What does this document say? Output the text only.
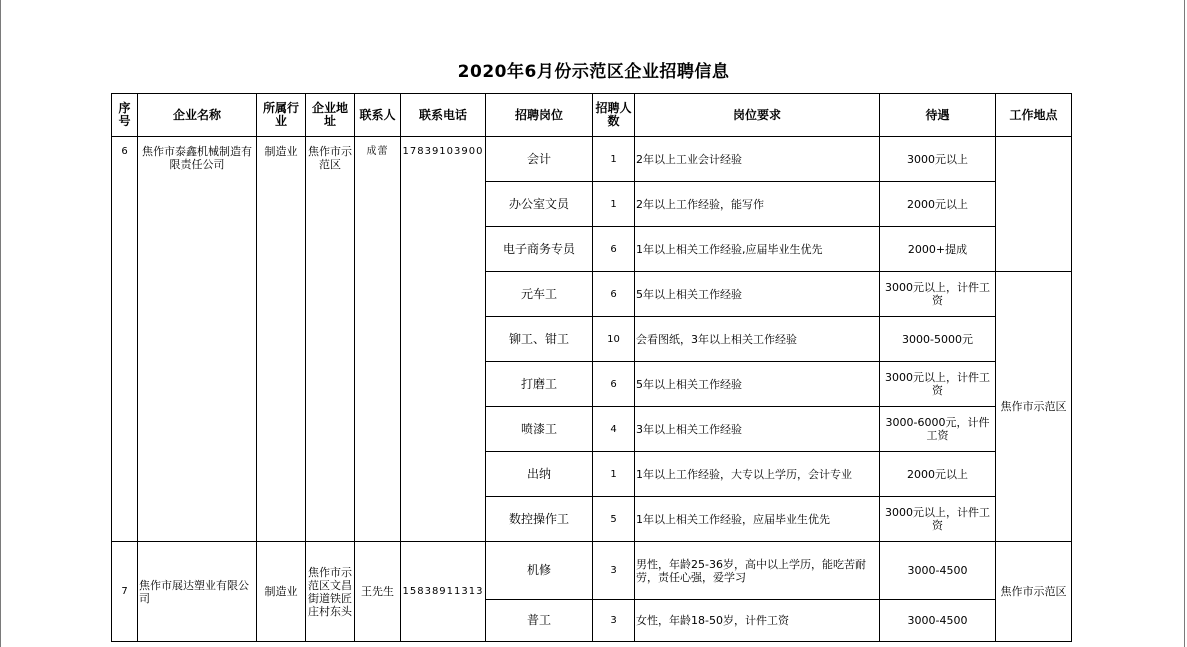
2020年6月份示范区企业招聘信息
序号	企业名称	所属行业	企业地址	联系人	联系电话	招聘岗位	招聘人数	岗位要求	待遇	工作地点
6	焦作市泰鑫机械制造有限责任公司	制造业	焦作市示范区	成蕾	17839103900	会计	1	2年以上工业会计经验	3000元以上	
						办公室文员	1	2年以上工作经验，能写作	2000元以上	
						电子商务专员	6	1年以上相关工作经验,应届毕业生优先	2000+提成	
						元车工	6	5年以上相关工作经验	3000元以上，计件工资	焦作市示范区
						铆工、钳工	10	会看图纸，3年以上相关工作经验	3000-5000元	
						打磨工	6	5年以上相关工作经验	3000元以上，计件工资	
						喷漆工	4	3年以上相关工作经验	3000-6000元，计件工资	
						出纳	1	1年以上工作经验，大专以上学历，会计专业	2000元以上	
						数控操作工	5	1年以上相关工作经验，应届毕业生优先	3000元以上，计件工资	
7	焦作市展达塑业有限公司	制造业	焦作市示范区文昌街道铁匠庄村东头	王先生	15838911313	机修	3	男性，年龄25-36岁，高中以上学历，能吃苦耐劳，责任心强，爱学习	3000-4500	焦作市示范区
						普工	3	女性，年龄18-50岁，计件工资	3000-4500	
